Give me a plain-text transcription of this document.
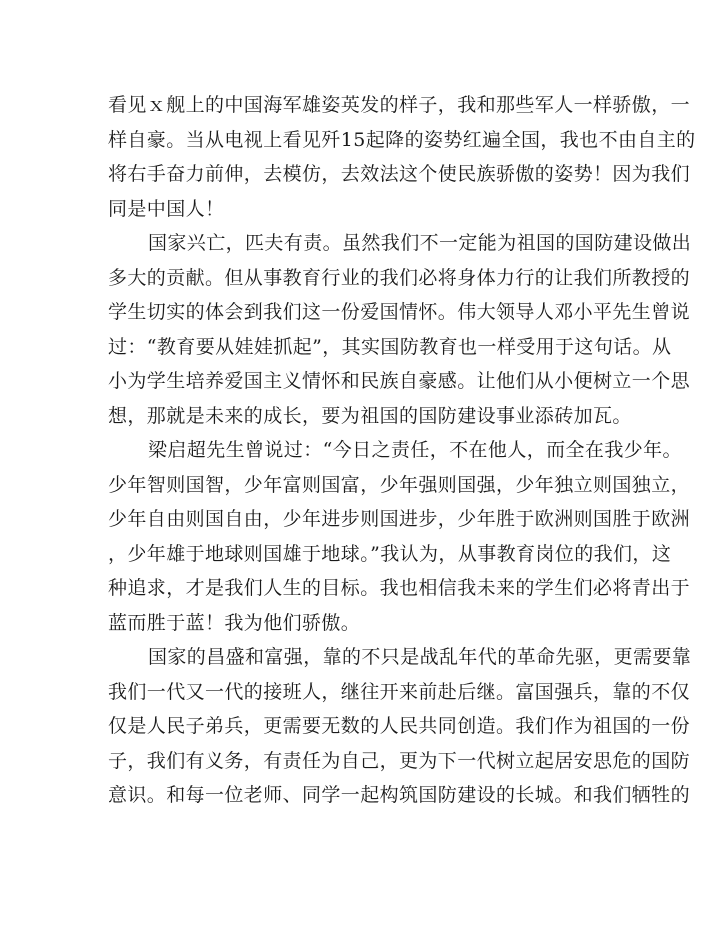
看见ｘ舰上的中国海军雄姿英发的样子，我和那些军人一样骄傲，一
样自豪。当从电视上看见歼15起降的姿势红遍全国，我也不由自主的
将右手奋力前伸，去模仿，去效法这个使民族骄傲的姿势！因为我们
同是中国人！
国家兴亡，匹夫有责。虽然我们不一定能为祖国的国防建设做出
多大的贡献。但从事教育行业的我们必将身体力行的让我们所教授的
学生切实的体会到我们这一份爱国情怀。伟大领导人邓小平先生曾说
过：“教育要从娃娃抓起”，其实国防教育也一样受用于这句话。从
小为学生培养爱国主义情怀和民族自豪感。让他们从小便树立一个思
想，那就是未来的成长，要为祖国的国防建设事业添砖加瓦。
梁启超先生曾说过：“今日之责任，不在他人，而全在我少年。
少年智则国智，少年富则国富，少年强则国强，少年独立则国独立，
少年自由则国自由，少年进步则国进步，少年胜于欧洲则国胜于欧洲
，少年雄于地球则国雄于地球。”我认为，从事教育岗位的我们，这
种追求，才是我们人生的目标。我也相信我未来的学生们必将青出于
蓝而胜于蓝！我为他们骄傲。
国家的昌盛和富强，靠的不只是战乱年代的革命先驱，更需要靠
我们一代又一代的接班人，继往开来前赴后继。富国强兵，靠的不仅
仅是人民子弟兵，更需要无数的人民共同创造。我们作为祖国的一份
子，我们有义务，有责任为自己，更为下一代树立起居安思危的国防
意识。和每一位老师、同学一起构筑国防建设的长城。和我们牺牲的
